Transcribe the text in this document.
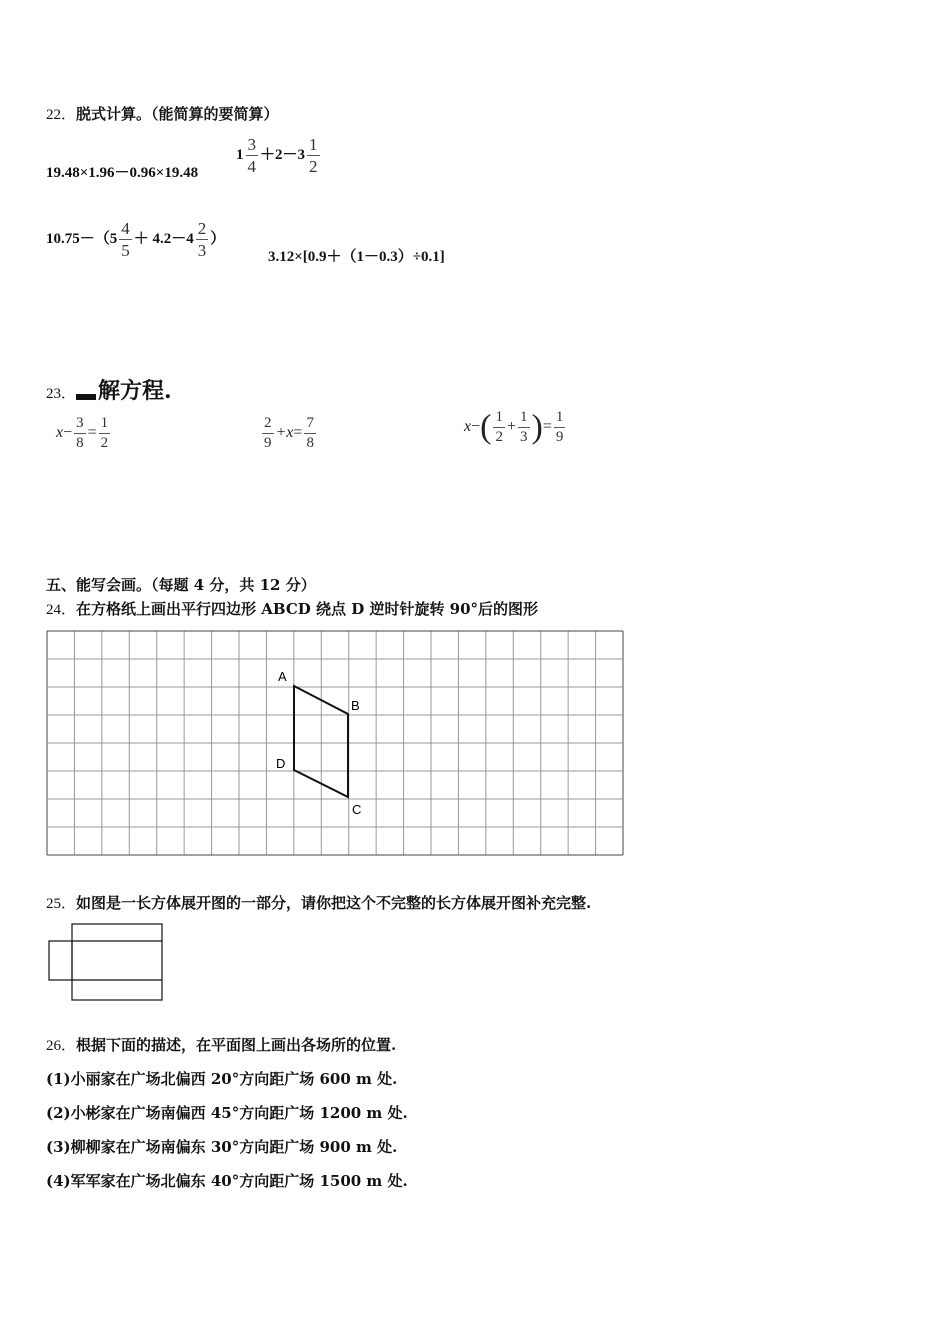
22．脱式计算。（能简算的要简算）
19.48×1.96－0.96×19.48
$1 \frac{3}{4} +2-3 \frac{1}{2}$
$10.75-(5 \frac{4}{5} + 4.2-4 \frac{2}{3}$ ）
3.12×[0.9＋（1－0.3）÷0.1]
23． 解方程.
$x- \frac{3}{8} = \frac{1}{2}$	$\frac{2}{9} +x= \frac{7}{8}$	$x-( \frac{1}{2} + \frac{1}{3}$ )= $\frac{1}{9}$
五、能写会画。（每题 4 分，共 12 分）
24．在方格纸上画出平行四边形 ABCD 绕点 D 逆时针旋转 90°后的图形
A
B
C
D
25．如图是一长方体展开图的一部分，请你把这个不完整的长方体展开图补充完整.
26．根据下面的描述，在平面图上画出各场所的位置.
(1)小丽家在广场北偏西 20°方向距广场 600 m 处.
(2)小彬家在广场南偏西 45°方向距广场 1200 m 处.
(3)柳柳家在广场南偏东 30°方向距广场 900 m 处.
(4)军军家在广场北偏东 40°方向距广场 1500 m 处.
